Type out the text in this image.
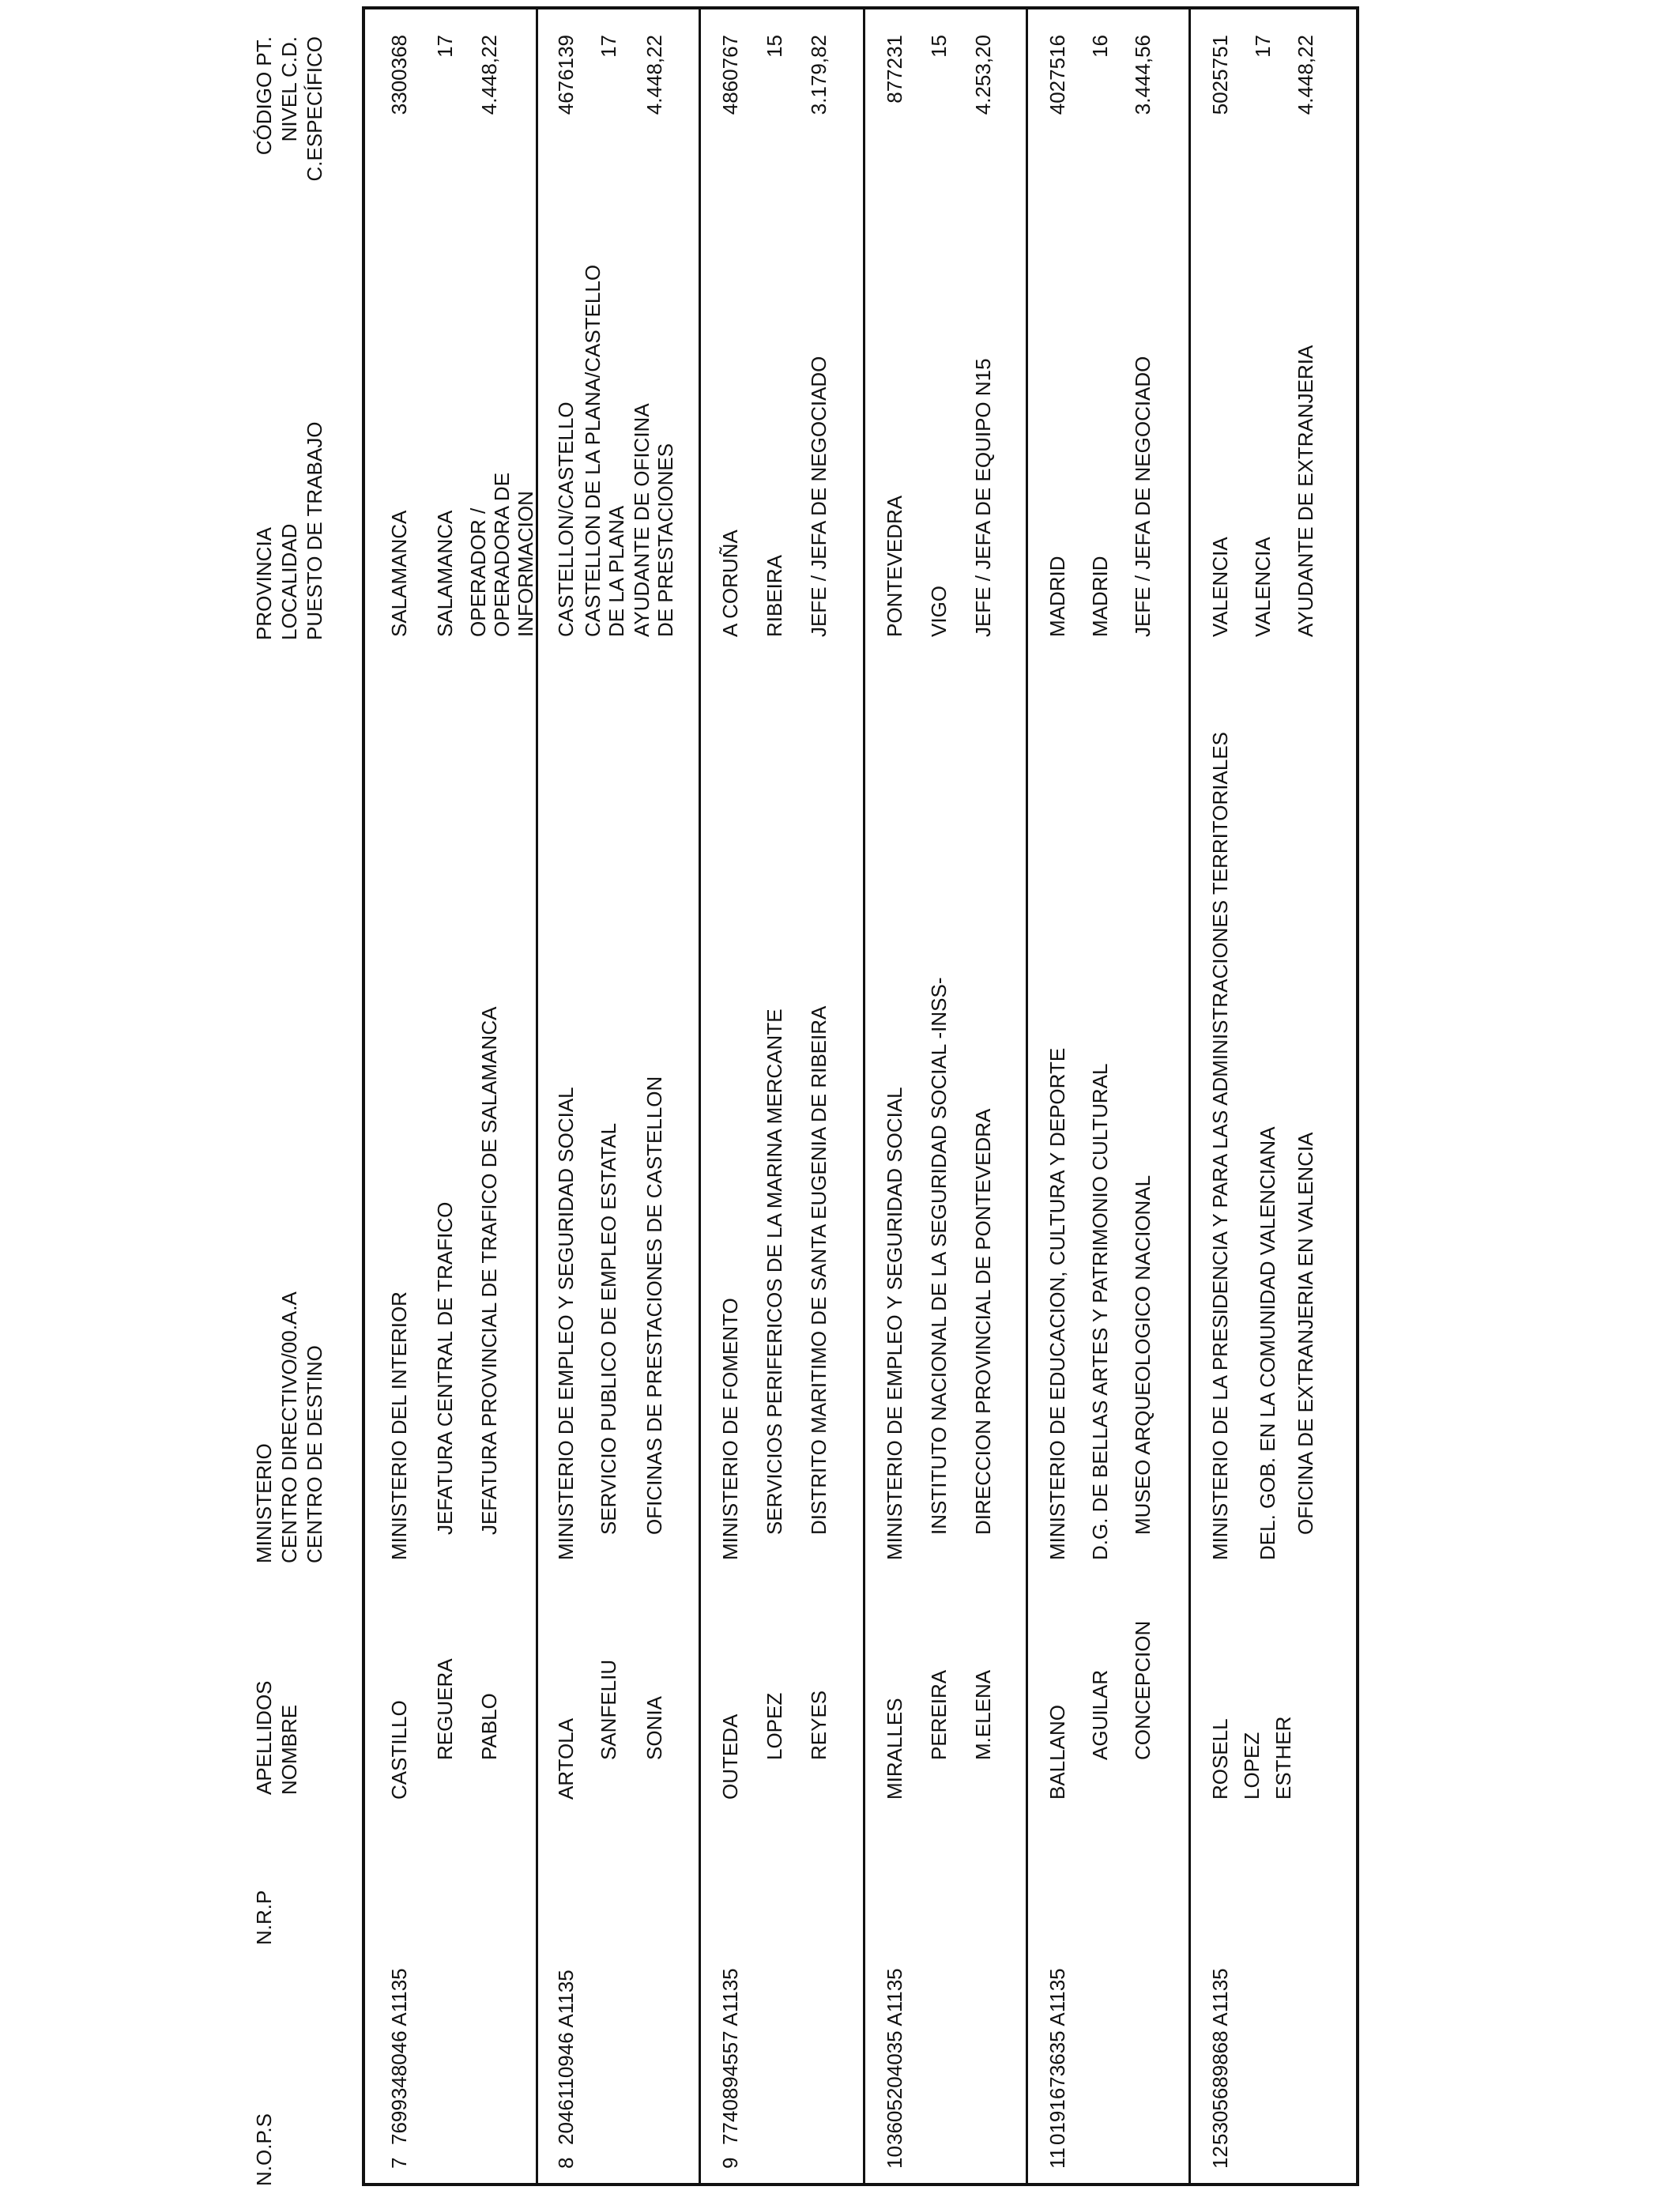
N.O.P.S
N.R.P
APELLIDOS NOMBRE
MINISTERIO CENTRO DIRECTIVO/00.A.A CENTRO DE DESTINO
PROVINCIA LOCALIDAD PUESTO DE TRABAJO
CÓDIGO PT. NIVEL C.D. C.ESPECÍFICO
7
7699348046 A1135
CASTILLO REGUERA PABLO
MINISTERIO DEL INTERIOR JEFATURA CENTRAL DE TRAFICO JEFATURA PROVINCIAL DE TRAFICO DE SALAMANCA
SALAMANCA SALAMANCA OPERADOR / OPERADORA DE INFORMACION
3300368 17 4.448,22
8
2046110946 A1135
ARTOLA SANFELIU SONIA
MINISTERIO DE EMPLEO Y SEGURIDAD SOCIAL SERVICIO PUBLICO DE EMPLEO ESTATAL OFICINAS DE PRESTACIONES DE CASTELLON
CASTELLON/CASTELLO CASTELLON DE LA PLANA/CASTELLO DE LA PLANA AYUDANTE DE OFICINA DE PRESTACIONES
4676139 17 4.448,22
9
7740894557 A1135
OUTEDA LOPEZ REYES
MINISTERIO DE FOMENTO SERVICIOS PERIFERICOS DE LA MARINA MERCANTE DISTRITO MARITIMO DE SANTA EUGENIA DE RIBEIRA
A CORUÑA RIBEIRA JEFE / JEFA DE NEGOCIADO
4860767 15 3.179,82
10
3605204035 A1135
MIRALLES PEREIRA M.ELENA
MINISTERIO DE EMPLEO Y SEGURIDAD SOCIAL INSTITUTO NACIONAL DE LA SEGURIDAD SOCIAL -INSS- DIRECCION PROVINCIAL DE PONTEVEDRA
PONTEVEDRA VIGO JEFE / JEFA DE EQUIPO N15
877231 15 4.253,20
11
0191673635 A1135
BALLANO AGUILAR CONCEPCION
MINISTERIO DE EDUCACION, CULTURA Y DEPORTE D.G. DE BELLAS ARTES Y PATRIMONIO CULTURAL MUSEO ARQUEOLOGICO NACIONAL
MADRID MADRID JEFE / JEFA DE NEGOCIADO
4027516 16 3.444,56
12
5305689868 A1135
ROSELL LOPEZ ESTHER
MINISTERIO DE LA PRESIDENCIA Y PARA LAS ADMINISTRACIONES TERRITORIALES DEL. GOB. EN LA COMUNIDAD VALENCIANA OFICINA DE EXTRANJERIA EN VALENCIA
VALENCIA VALENCIA AYUDANTE DE EXTRANJERIA
5025751 17 4.448,22
